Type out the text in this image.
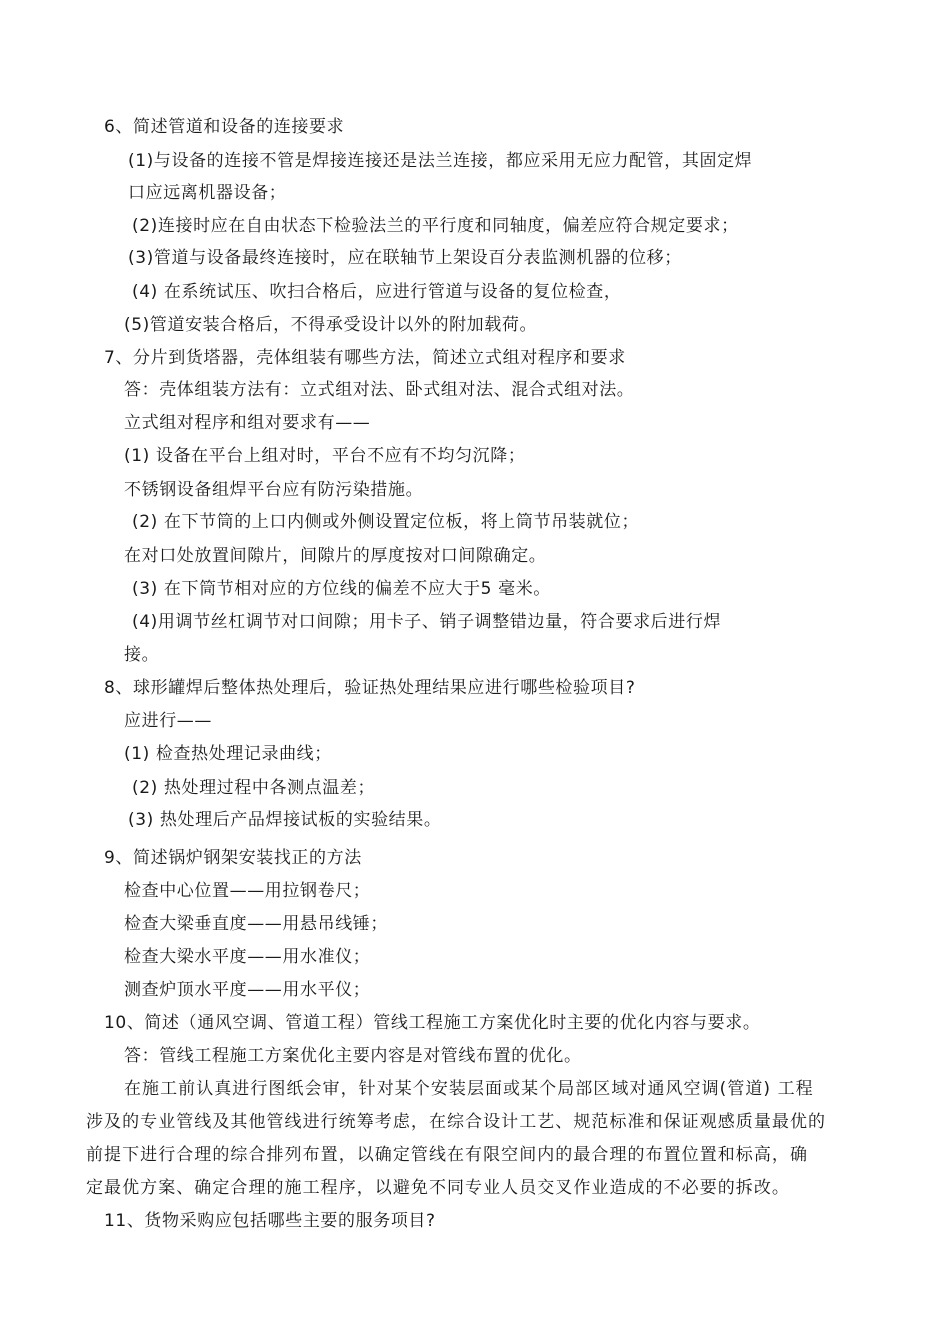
6、简述管道和设备的连接要求
(1)与设备的连接不管是焊接连接还是法兰连接，都应采用无应力配管，其固定焊
口应远离机器设备；
(2)连接时应在自由状态下检验法兰的平行度和同轴度，偏差应符合规定要求；
(3)管道与设备最终连接时，应在联轴节上架设百分表监测机器的位移；
(4) 在系统试压、吹扫合格后，应进行管道与设备的复位检查，
(5)管道安装合格后，不得承受设计以外的附加载荷。
7、分片到货塔器，壳体组装有哪些方法，简述立式组对程序和要求
答：壳体组装方法有：立式组对法、卧式组对法、混合式组对法。
立式组对程序和组对要求有——
(1) 设备在平台上组对时，平台不应有不均匀沉降；
不锈钢设备组焊平台应有防污染措施。
(2) 在下节筒的上口内侧或外侧设置定位板，将上筒节吊装就位；
在对口处放置间隙片，间隙片的厚度按对口间隙确定。
(3) 在下筒节相对应的方位线的偏差不应大于5 毫米。
(4)用调节丝杠调节对口间隙；用卡子、销子调整错边量，符合要求后进行焊
接。
8、球形罐焊后整体热处理后，验证热处理结果应进行哪些检验项目?
应进行——
(1) 检查热处理记录曲线；
(2) 热处理过程中各测点温差；
(3) 热处理后产品焊接试板的实验结果。
9、简述锅炉钢架安装找正的方法
检查中心位置——用拉钢卷尺；
检查大梁垂直度——用悬吊线锤；
检查大梁水平度——用水准仪；
测查炉顶水平度——用水平仪；
10、简述（通风空调、管道工程）管线工程施工方案优化时主要的优化内容与要求。
答：管线工程施工方案优化主要内容是对管线布置的优化。
在施工前认真进行图纸会审，针对某个安装层面或某个局部区域对通风空调(管道) 工程
涉及的专业管线及其他管线进行统筹考虑，在综合设计工艺、规范标准和保证观感质量最优的
前提下进行合理的综合排列布置，以确定管线在有限空间内的最合理的布置位置和标高，确
定最优方案、确定合理的施工程序，以避免不同专业人员交叉作业造成的不必要的拆改。
11、货物采购应包括哪些主要的服务项目?
